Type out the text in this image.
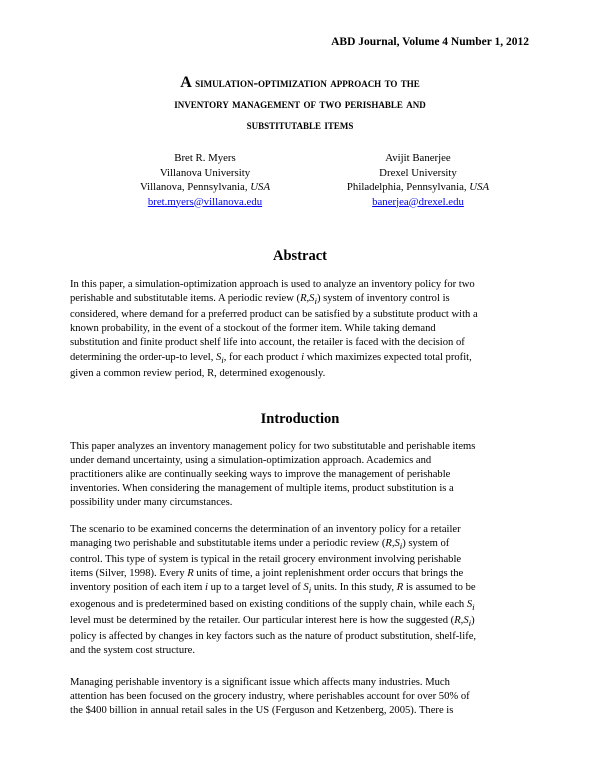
ABD Journal, Volume 4 Number 1, 2012
A simulation-optimization approach to the
inventory management of two perishable and
substitutable items
Bret R. Myers
Villanova University
Villanova, Pennsylvania, USA
bret.myers@villanova.edu
Avijit Banerjee
Drexel University
Philadelphia, Pennsylvania, USA
banerjea@drexel.edu
Abstract

In this paper, a simulation-optimization approach is used to analyze an inventory policy for two

perishable and substitutable items. A periodic review $(R,S_i)$ system of inventory control is

considered, where demand for a preferred product can be satisfied by a substitute product with a

known probability, in the event of a stockout of the former item. While taking demand

substitution and finite product shelf life into account, the retailer is faced with the decision of

determining the order-up-to level, $S_i$, for each product i which maximizes expected total profit,

given a common review period, R, determined exogenously.

Introduction

This paper analyzes an inventory management policy for two substitutable and perishable items

under demand uncertainty, using a simulation-optimization approach. Academics and

practitioners alike are continually seeking ways to improve the management of perishable

inventories. When considering the management of multiple items, product substitution is a

possibility under many circumstances.

The scenario to be examined concerns the determination of an inventory policy for a retailer

managing two perishable and substitutable items under a periodic review $(R,S_i)$ system of

control. This type of system is typical in the retail grocery environment involving perishable

items (Silver, 1998). Every R units of time, a joint replenishment order occurs that brings the

inventory position of each item i up to a target level of $S_i$ units. In this study, R is assumed to be

exogenous and is predetermined based on existing conditions of the supply chain, while each $S_i$

level must be determined by the retailer. Our particular interest here is how the suggested $(R,S_i)$

policy is affected by changes in key factors such as the nature of product substitution, shelf-life,

and the system cost structure.

Managing perishable inventory is a significant issue which affects many industries. Much

attention has been focused on the grocery industry, where perishables account for over 50% of

the $400 billion in annual retail sales in the US (Ferguson and Ketzenberg, 2005). There is
